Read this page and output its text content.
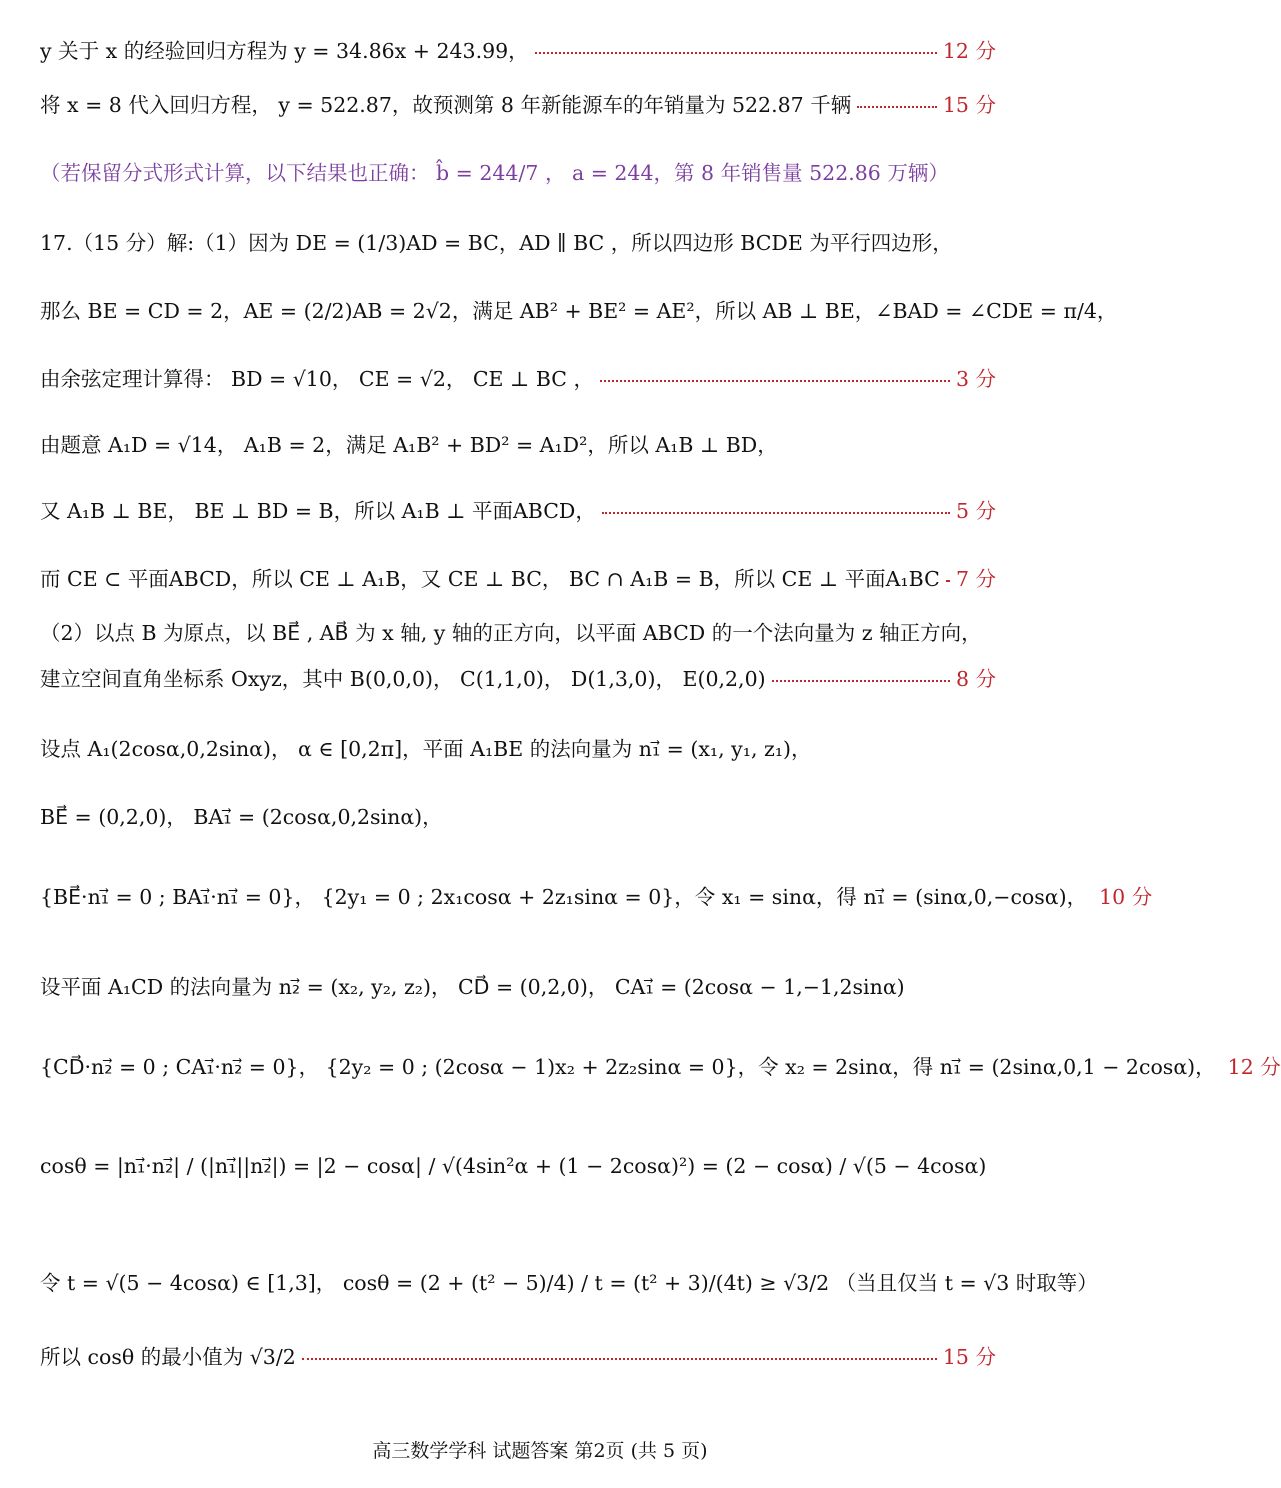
y 关于 x 的经验回归方程为 y = 34.86x + 243.99，	12 分
将 x = 8 代入回归方程， y = 522.87，故预测第 8 年新能源车的年销量为 522.87 千辆	15 分
（若保留分式形式计算，以下结果也正确： b̂ = 244/7 ， a = 244，第 8 年销售量 522.86 万辆）
17.（15 分）解:（1）因为 DE = (1/3)AD = BC，AD ∥ BC ，所以四边形 BCDE 为平行四边形，
那么 BE = CD = 2，AE = (2/2)AB = 2√2，满足 AB² + BE² = AE²，所以 AB ⊥ BE，∠BAD = ∠CDE = π/4，
由余弦定理计算得： BD = √10， CE = √2， CE ⊥ BC ，	3 分
由题意 A₁D = √14， A₁B = 2，满足 A₁B² + BD² = A₁D²，所以 A₁B ⊥ BD，
又 A₁B ⊥ BE， BE ⊥ BD = B，所以 A₁B ⊥ 平面ABCD，	5 分
而 CE ⊂ 平面ABCD，所以 CE ⊥ A₁B，又 CE ⊥ BC， BC ∩ A₁B = B，所以 CE ⊥ 平面A₁BC 7 分
（2）以点 B 为原点，以 BE⃗ , AB⃗ 为 x 轴, y 轴的正方向，以平面 ABCD 的一个法向量为 z 轴正方向，
建立空间直角坐标系 Oxyz，其中 B(0,0,0)， C(1,1,0)， D(1,3,0)， E(0,2,0)	8 分
设点 A₁(2cosα,0,2sinα)， α ∈ [0,2π]，平面 A₁BE 的法向量为 n₁⃗ = (x₁, y₁, z₁)，
BE⃗ = (0,2,0)， BA₁⃗ = (2cosα,0,2sinα)，
{BE⃗·n₁⃗ = 0 ; BA₁⃗·n₁⃗ = 0}， {2y₁ = 0 ; 2x₁cosα + 2z₁sinα = 0}，令 x₁ = sinα，得 n₁⃗ = (sinα,0,−cosα)， 10 分
设平面 A₁CD 的法向量为 n₂⃗ = (x₂, y₂, z₂)， CD⃗ = (0,2,0)， CA₁⃗ = (2cosα − 1,−1,2sinα)
{CD⃗·n₂⃗ = 0 ; CA₁⃗·n₂⃗ = 0}， {2y₂ = 0 ; (2cosα − 1)x₂ + 2z₂sinα = 0}，令 x₂ = 2sinα，得 n₁⃗ = (2sinα,0,1 − 2cosα)， 12 分
cosθ = |n₁⃗·n₂⃗| / (|n₁⃗||n₂⃗|) = |2 − cosα| / √(4sin²α + (1 − 2cosα)²) = (2 − cosα) / √(5 − 4cosα)
令 t = √(5 − 4cosα) ∈ [1,3]， cosθ = (2 + (t² − 5)/4) / t = (t² + 3)/(4t) ≥ √3/2 （当且仅当 t = √3 时取等）
所以 cosθ 的最小值为 √3/2	15 分
高三数学学科 试题答案 第2页 (共 5 页)
